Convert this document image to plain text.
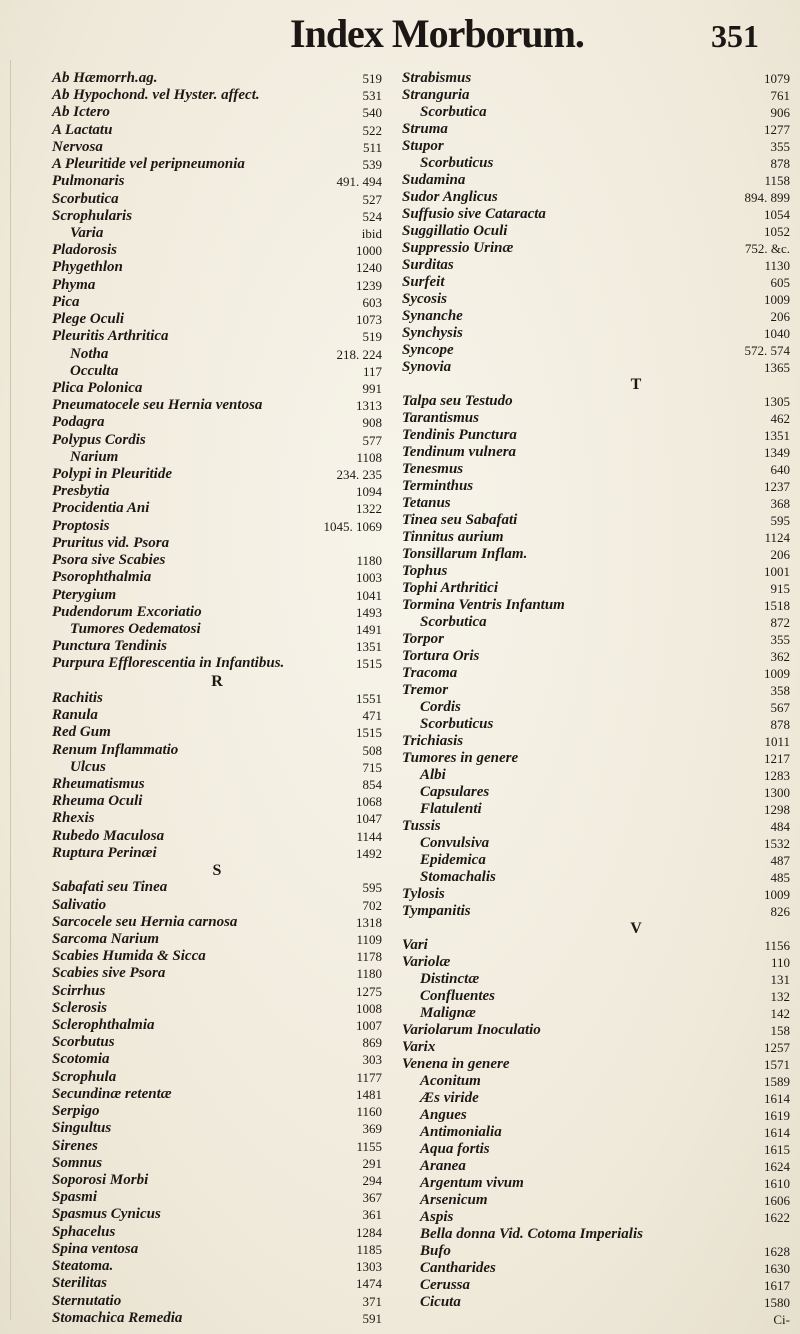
Index Morborum.	351
Ab Hæmorrh.ag.	519
Ab Hypochond. vel Hyster. affect.	531
Ab Ictero	540
A Lactatu	522
Nervosa	511
A Pleuritide vel peripneumonia	539
Pulmonaris	491. 494
Scorbutica	527
Scrophularis	524
Varia	ibid
Pladorosis	1000
Phygethlon	1240
Phyma	1239
Pica	603
Plege Oculi	1073
Pleuritis Arthritica	519
Notha	218. 224
Occulta	117
Plica Polonica	991
Pneumatocele seu Hernia ventosa	1313
Podagra	908
Polypus Cordis	577
Narium	1108
Polypi in Pleuritide	234. 235
Presbytia	1094
Procidentia Ani	1322
Proptosis	1045. 1069
Pruritus vid. Psora
Psora sive Scabies	1180
Psorophthalmia	1003
Pterygium	1041
Pudendorum Excoriatio	1493
Tumores Oedematosi	1491
Punctura Tendinis	1351
Purpura Efflorescentia in Infantibus.	1515
R
Rachitis	1551
Ranula	471
Red Gum	1515
Renum Inflammatio	508
Ulcus	715
Rheumatismus	854
Rheuma Oculi	1068
Rhexis	1047
Rubedo Maculosa	1144
Ruptura Perinæi	1492
S
Sabafati seu Tinea	595
Salivatio	702
Sarcocele seu Hernia carnosa	1318
Sarcoma Narium	1109
Scabies Humida & Sicca	1178
Scabies sive Psora	1180
Scirrhus	1275
Sclerosis	1008
Sclerophthalmia	1007
Scorbutus	869
Scotomia	303
Scrophula	1177
Secundinæ retentæ	1481
Serpigo	1160
Singultus	369
Sirenes	1155
Somnus	291
Soporosi Morbi	294
Spasmi	367
Spasmus Cynicus	361
Sphacelus	1284
Spina ventosa	1185
Steatoma.	1303
Sterilitas	1474
Sternutatio	371
Stomachica Remedia	591
Strabismus	1079
Stranguria	761
Scorbutica	906
Struma	1277
Stupor	355
Scorbuticus	878
Sudamina	1158
Sudor Anglicus	894. 899
Suffusio sive Cataracta	1054
Suggillatio Oculi	1052
Suppressio Urinæ	752. &c.
Surditas	1130
Surfeit	605
Sycosis	1009
Synanche	206
Synchysis	1040
Syncope	572. 574
Synovia	1365
T
Talpa seu Testudo	1305
Tarantismus	462
Tendinis Punctura	1351
Tendinum vulnera	1349
Tenesmus	640
Terminthus	1237
Tetanus	368
Tinea seu Sabafati	595
Tinnitus aurium	1124
Tonsillarum Inflam.	206
Tophus	1001
Tophi Arthritici	915
Tormina Ventris Infantum	1518
Scorbutica	872
Torpor	355
Tortura Oris	362
Tracoma	1009
Tremor	358
Cordis	567
Scorbuticus	878
Trichiasis	1011
Tumores in genere	1217
Albi	1283
Capsulares	1300
Flatulenti	1298
Tussis	484
Convulsiva	1532
Epidemica	487
Stomachalis	485
Tylosis	1009
Tympanitis	826
V
Vari	1156
Variolæ	110
Distinctæ	131
Confluentes	132
Malignæ	142
Variolarum Inoculatio	158
Varix	1257
Venena in genere	1571
Aconitum	1589
Æs viride	1614
Angues	1619
Antimonialia	1614
Aqua fortis	1615
Aranea	1624
Argentum vivum	1610
Arsenicum	1606
Aspis	1622
Bella donna Vid. Cotoma Imperialis
Bufo	1628
Cantharides	1630
Cerussa	1617
Cicuta	1580
Ci-
